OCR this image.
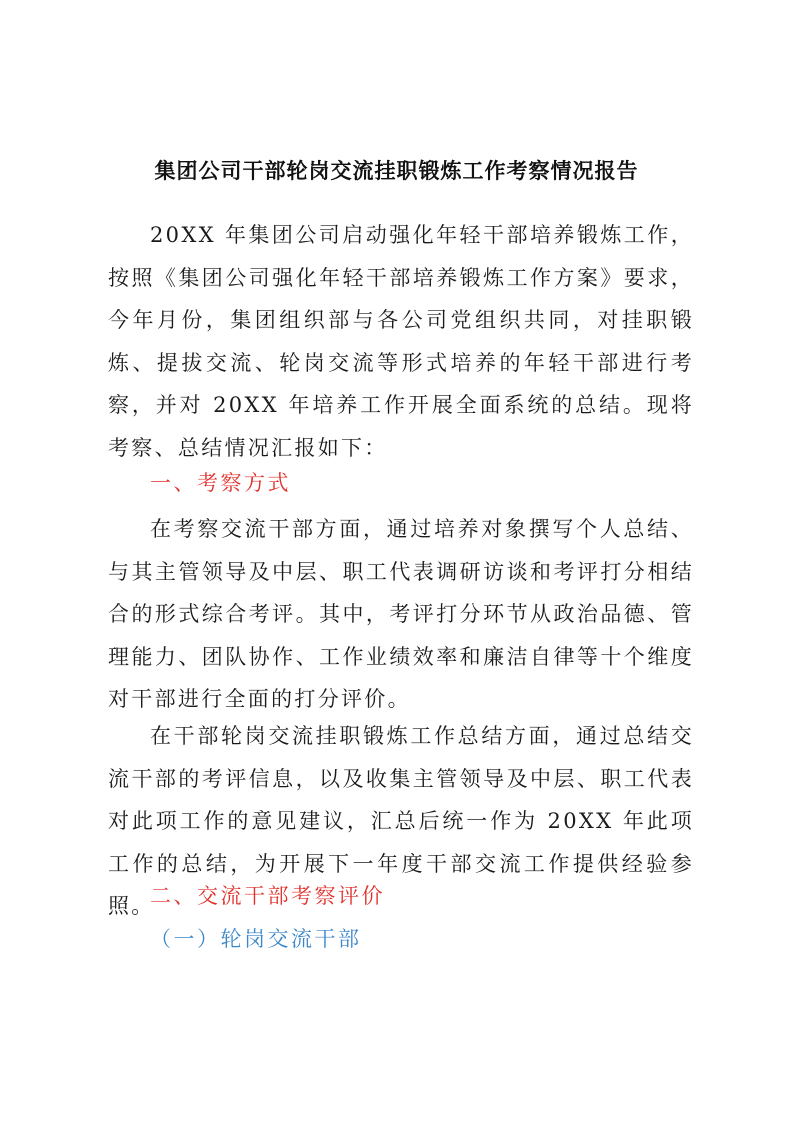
集团公司干部轮岗交流挂职锻炼工作考察情况报告

20XX 年集团公司启动强化年轻干部培养锻炼工作，按照《集团公司强化年轻干部培养锻炼工作方案》要求，今年月份，集团组织部与各公司党组织共同，对挂职锻炼、提拔交流、轮岗交流等形式培养的年轻干部进行考察，并对 20XX 年培养工作开展全面系统的总结。现将考察、总结情况汇报如下：

一、考察方式

在考察交流干部方面，通过培养对象撰写个人总结、与其主管领导及中层、职工代表调研访谈和考评打分相结合的形式综合考评。其中，考评打分环节从政治品德、管理能力、团队协作、工作业绩效率和廉洁自律等十个维度对干部进行全面的打分评价。

在干部轮岗交流挂职锻炼工作总结方面，通过总结交流干部的考评信息，以及收集主管领导及中层、职工代表对此项工作的意见建议，汇总后统一作为 20XX 年此项工作的总结，为开展下一年度干部交流工作提供经验参照。

二、交流干部考察评价

（一）轮岗交流干部
